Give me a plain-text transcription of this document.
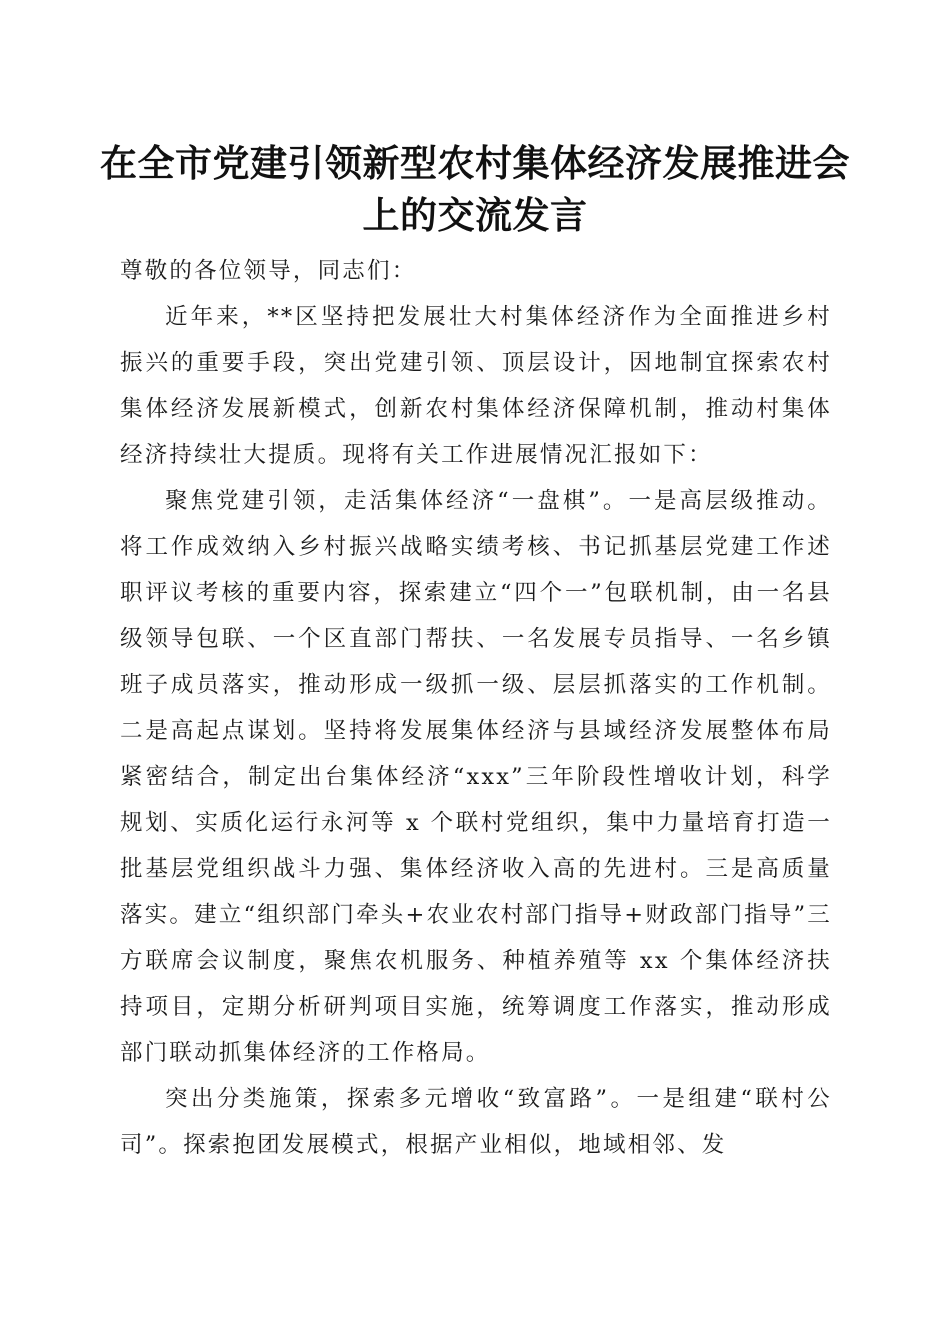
在全市党建引领新型农村集体经济发展推进会上的交流发言

尊敬的各位领导，同志们：

近年来，**区坚持把发展壮大村集体经济作为全面推进乡村振兴的重要手段，突出党建引领、顶层设计，因地制宜探索农村集体经济发展新模式，创新农村集体经济保障机制，推动村集体经济持续壮大提质。现将有关工作进展情况汇报如下：

聚焦党建引领，走活集体经济“一盘棋”。一是高层级推动。将工作成效纳入乡村振兴战略实绩考核、书记抓基层党建工作述职评议考核的重要内容，探索建立“四个一”包联机制，由一名县级领导包联、一个区直部门帮扶、一名发展专员指导、一名乡镇班子成员落实，推动形成一级抓一级、层层抓落实的工作机制。二是高起点谋划。坚持将发展集体经济与县域经济发展整体布局紧密结合，制定出台集体经济“xxx”三年阶段性增收计划，科学规划、实质化运行永河等 x 个联村党组织，集中力量培育打造一批基层党组织战斗力强、集体经济收入高的先进村。三是高质量落实。建立“组织部门牵头+农业农村部门指导+财政部门指导”三方联席会议制度，聚焦农机服务、种植养殖等 xx 个集体经济扶持项目，定期分析研判项目实施，统筹调度工作落实，推动形成部门联动抓集体经济的工作格局。

突出分类施策，探索多元增收“致富路”。一是组建“联村公司”。探索抱团发展模式，根据产业相似，地域相邻、发
